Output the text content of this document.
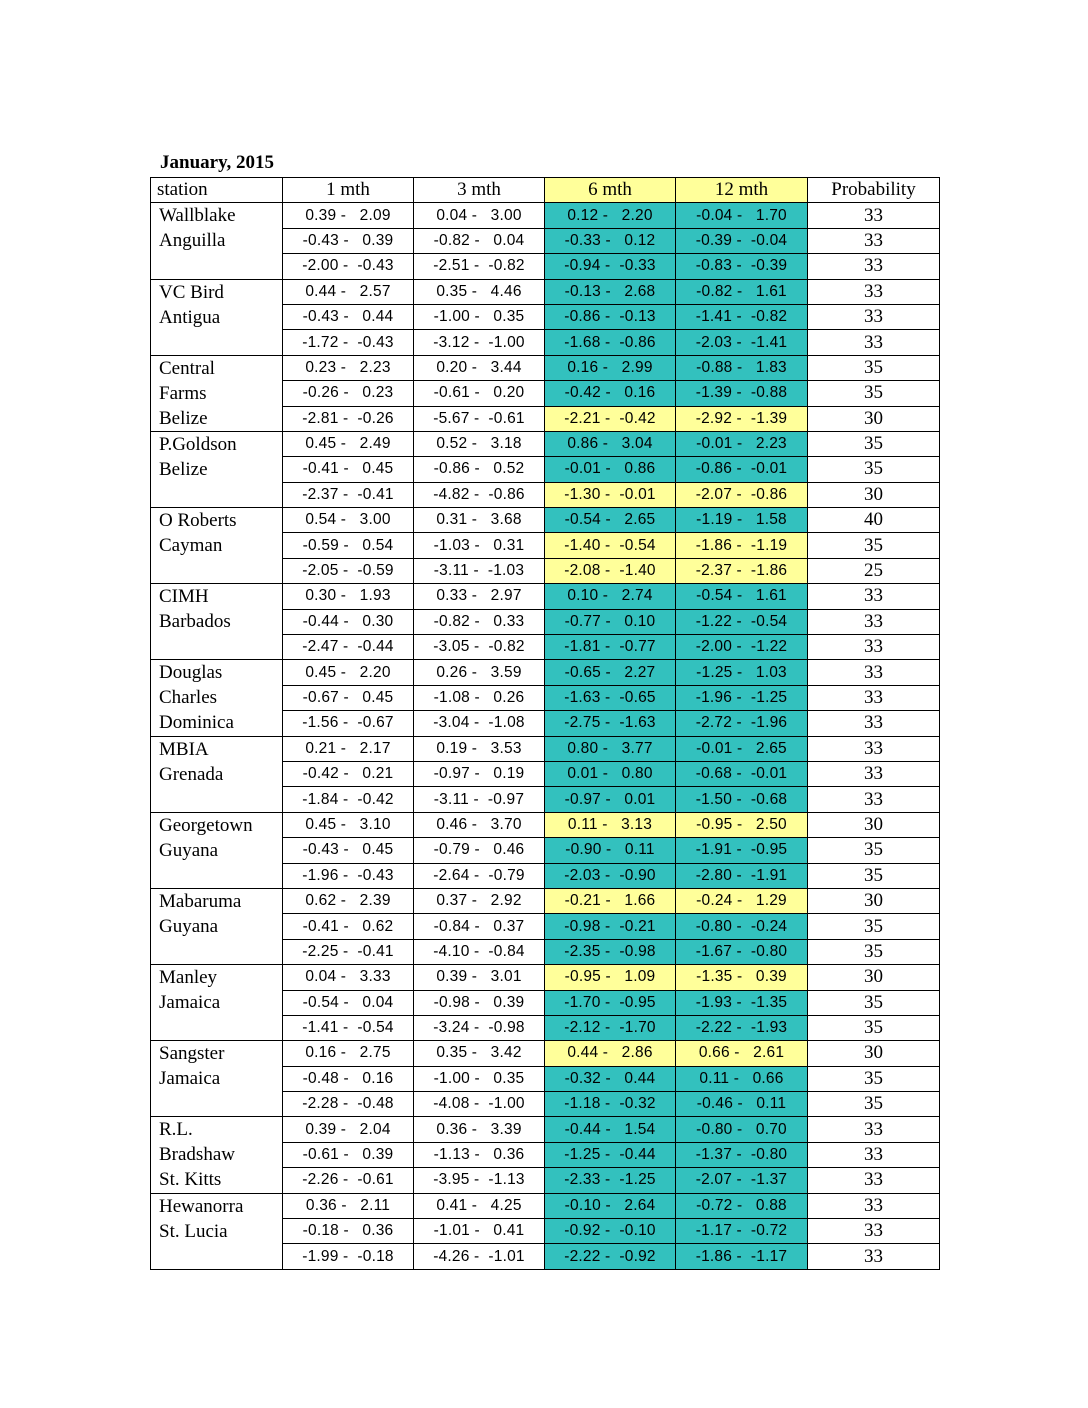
January, 2015
station	1 mth	3 mth	6 mth	12 mth	Probability
Wallblake
Anguilla	0.39 -   2.09	0.04 -   3.00	0.12 -   2.20	-0.04 -   1.70	33
	-0.43 -   0.39	-0.82 -   0.04	-0.33 -   0.12	-0.39 -  -0.04	33
	-2.00 -  -0.43	-2.51 -  -0.82	-0.94 -  -0.33	-0.83 -  -0.39	33
VC Bird
Antigua	0.44 -   2.57	0.35 -   4.46	-0.13 -   2.68	-0.82 -   1.61	33
	-0.43 -   0.44	-1.00 -   0.35	-0.86 -  -0.13	-1.41 -  -0.82	33
	-1.72 -  -0.43	-3.12 -  -1.00	-1.68 -  -0.86	-2.03 -  -1.41	33
Central
Farms
Belize	0.23 -   2.23	0.20 -   3.44	0.16 -   2.99	-0.88 -   1.83	35
	-0.26 -   0.23	-0.61 -   0.20	-0.42 -   0.16	-1.39 -  -0.88	35
	-2.81 -  -0.26	-5.67 -  -0.61	-2.21 -  -0.42	-2.92 -  -1.39	30
P.Goldson
Belize	0.45 -   2.49	0.52 -   3.18	0.86 -   3.04	-0.01 -   2.23	35
	-0.41 -   0.45	-0.86 -   0.52	-0.01 -   0.86	-0.86 -  -0.01	35
	-2.37 -  -0.41	-4.82 -  -0.86	-1.30 -  -0.01	-2.07 -  -0.86	30
O Roberts
Cayman	0.54 -   3.00	0.31 -   3.68	-0.54 -   2.65	-1.19 -   1.58	40
	-0.59 -   0.54	-1.03 -   0.31	-1.40 -  -0.54	-1.86 -  -1.19	35
	-2.05 -  -0.59	-3.11 -  -1.03	-2.08 -  -1.40	-2.37 -  -1.86	25
CIMH
Barbados	0.30 -   1.93	0.33 -   2.97	0.10 -   2.74	-0.54 -   1.61	33
	-0.44 -   0.30	-0.82 -   0.33	-0.77 -   0.10	-1.22 -  -0.54	33
	-2.47 -  -0.44	-3.05 -  -0.82	-1.81 -  -0.77	-2.00 -  -1.22	33
Douglas
Charles
Dominica	0.45 -   2.20	0.26 -   3.59	-0.65 -   2.27	-1.25 -   1.03	33
	-0.67 -   0.45	-1.08 -   0.26	-1.63 -  -0.65	-1.96 -  -1.25	33
	-1.56 -  -0.67	-3.04 -  -1.08	-2.75 -  -1.63	-2.72 -  -1.96	33
MBIA
Grenada	0.21 -   2.17	0.19 -   3.53	0.80 -   3.77	-0.01 -   2.65	33
	-0.42 -   0.21	-0.97 -   0.19	0.01 -   0.80	-0.68 -  -0.01	33
	-1.84 -  -0.42	-3.11 -  -0.97	-0.97 -   0.01	-1.50 -  -0.68	33
Georgetown
Guyana	0.45 -   3.10	0.46 -   3.70	0.11 -   3.13	-0.95 -   2.50	30
	-0.43 -   0.45	-0.79 -   0.46	-0.90 -   0.11	-1.91 -  -0.95	35
	-1.96 -  -0.43	-2.64 -  -0.79	-2.03 -  -0.90	-2.80 -  -1.91	35
Mabaruma
Guyana	0.62 -   2.39	0.37 -   2.92	-0.21 -   1.66	-0.24 -   1.29	30
	-0.41 -   0.62	-0.84 -   0.37	-0.98 -  -0.21	-0.80 -  -0.24	35
	-2.25 -  -0.41	-4.10 -  -0.84	-2.35 -  -0.98	-1.67 -  -0.80	35
Manley
Jamaica	0.04 -   3.33	0.39 -   3.01	-0.95 -   1.09	-1.35 -   0.39	30
	-0.54 -   0.04	-0.98 -   0.39	-1.70 -  -0.95	-1.93 -  -1.35	35
	-1.41 -  -0.54	-3.24 -  -0.98	-2.12 -  -1.70	-2.22 -  -1.93	35
Sangster
Jamaica	0.16 -   2.75	0.35 -   3.42	0.44 -   2.86	0.66 -   2.61	30
	-0.48 -   0.16	-1.00 -   0.35	-0.32 -   0.44	0.11 -   0.66	35
	-2.28 -  -0.48	-4.08 -  -1.00	-1.18 -  -0.32	-0.46 -   0.11	35
R.L.
Bradshaw
St. Kitts	0.39 -   2.04	0.36 -   3.39	-0.44 -   1.54	-0.80 -   0.70	33
	-0.61 -   0.39	-1.13 -   0.36	-1.25 -  -0.44	-1.37 -  -0.80	33
	-2.26 -  -0.61	-3.95 -  -1.13	-2.33 -  -1.25	-2.07 -  -1.37	33
Hewanorra
St. Lucia	0.36 -   2.11	0.41 -   4.25	-0.10 -   2.64	-0.72 -   0.88	33
	-0.18 -   0.36	-1.01 -   0.41	-0.92 -  -0.10	-1.17 -  -0.72	33
	-1.99 -  -0.18	-4.26 -  -1.01	-2.22 -  -0.92	-1.86 -  -1.17	33
